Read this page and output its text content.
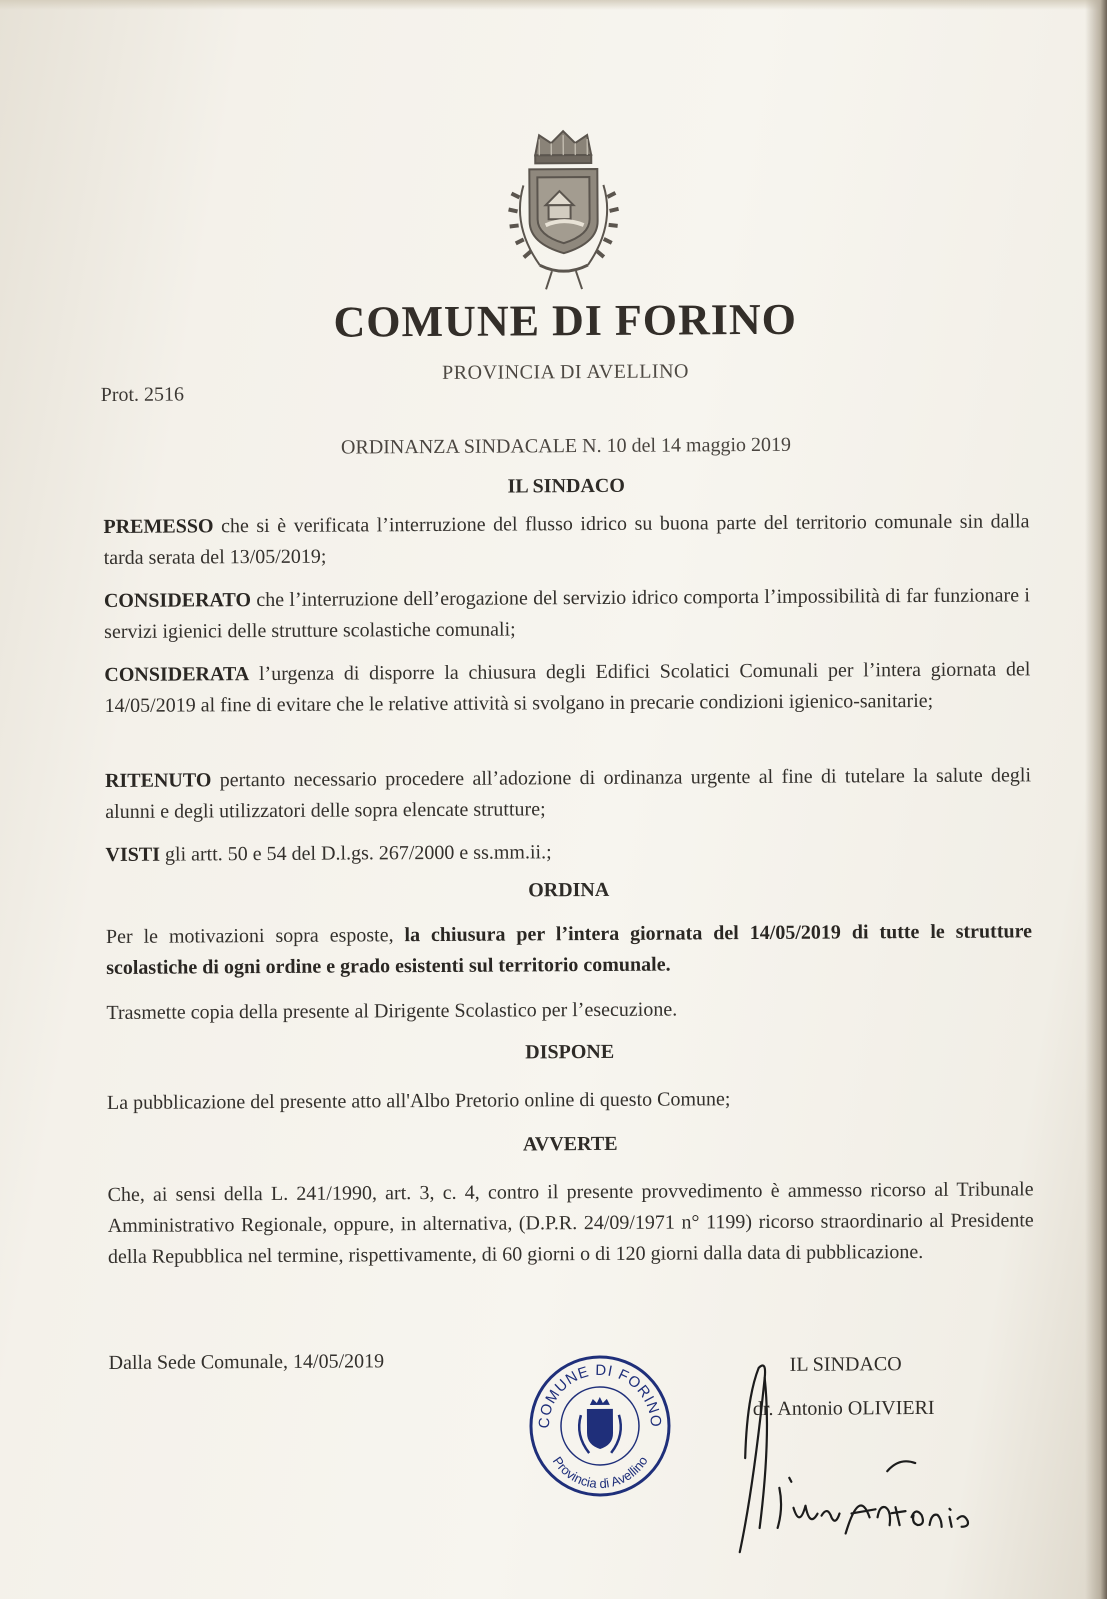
COMUNE DI FORINO
PROVINCIA DI AVELLINO
Prot. 2516
ORDINANZA SINDACALE N. 10 del 14 maggio 2019
IL SINDACO
PREMESSO che si è verificata l’interruzione del flusso idrico su buona parte del territorio comunale sin dalla tarda serata del 13/05/2019;
CONSIDERATO che l’interruzione dell’erogazione del servizio idrico comporta l’impossibilità di far funzionare i servizi igienici delle strutture scolastiche comunali;
CONSIDERATA l’urgenza di disporre la chiusura degli Edifici Scolatici Comunali per l’intera giornata del 14/05/2019 al fine di evitare che le relative attività si svolgano in precarie condizioni igienico-sanitarie;
RITENUTO pertanto necessario procedere all’adozione di ordinanza urgente al fine di tutelare la salute degli alunni e degli utilizzatori delle sopra elencate strutture;
VISTI gli artt. 50 e 54 del D.l.gs. 267/2000 e ss.mm.ii.;
ORDINA
Per le motivazioni sopra esposte, la chiusura per l’intera giornata del 14/05/2019 di tutte le strutture scolastiche di ogni ordine e grado esistenti sul territorio comunale.
Trasmette copia della presente al Dirigente Scolastico per l’esecuzione.
DISPONE
La pubblicazione del presente atto all'Albo Pretorio online di questo Comune;
AVVERTE
Che, ai sensi della L. 241/1990, art. 3, c. 4, contro il presente provvedimento è ammesso ricorso al Tribunale Amministrativo Regionale, oppure, in alternativa, (D.P.R. 24/09/1971 n° 1199) ricorso straordinario al Presidente della Repubblica nel termine, rispettivamente, di 60 giorni o di 120 giorni dalla data di pubblicazione.
Dalla Sede Comunale, 14/05/2019
COMUNE DI FORINO
Provincia di Avellino
IL SINDACO
dr. Antonio OLIVIERI
